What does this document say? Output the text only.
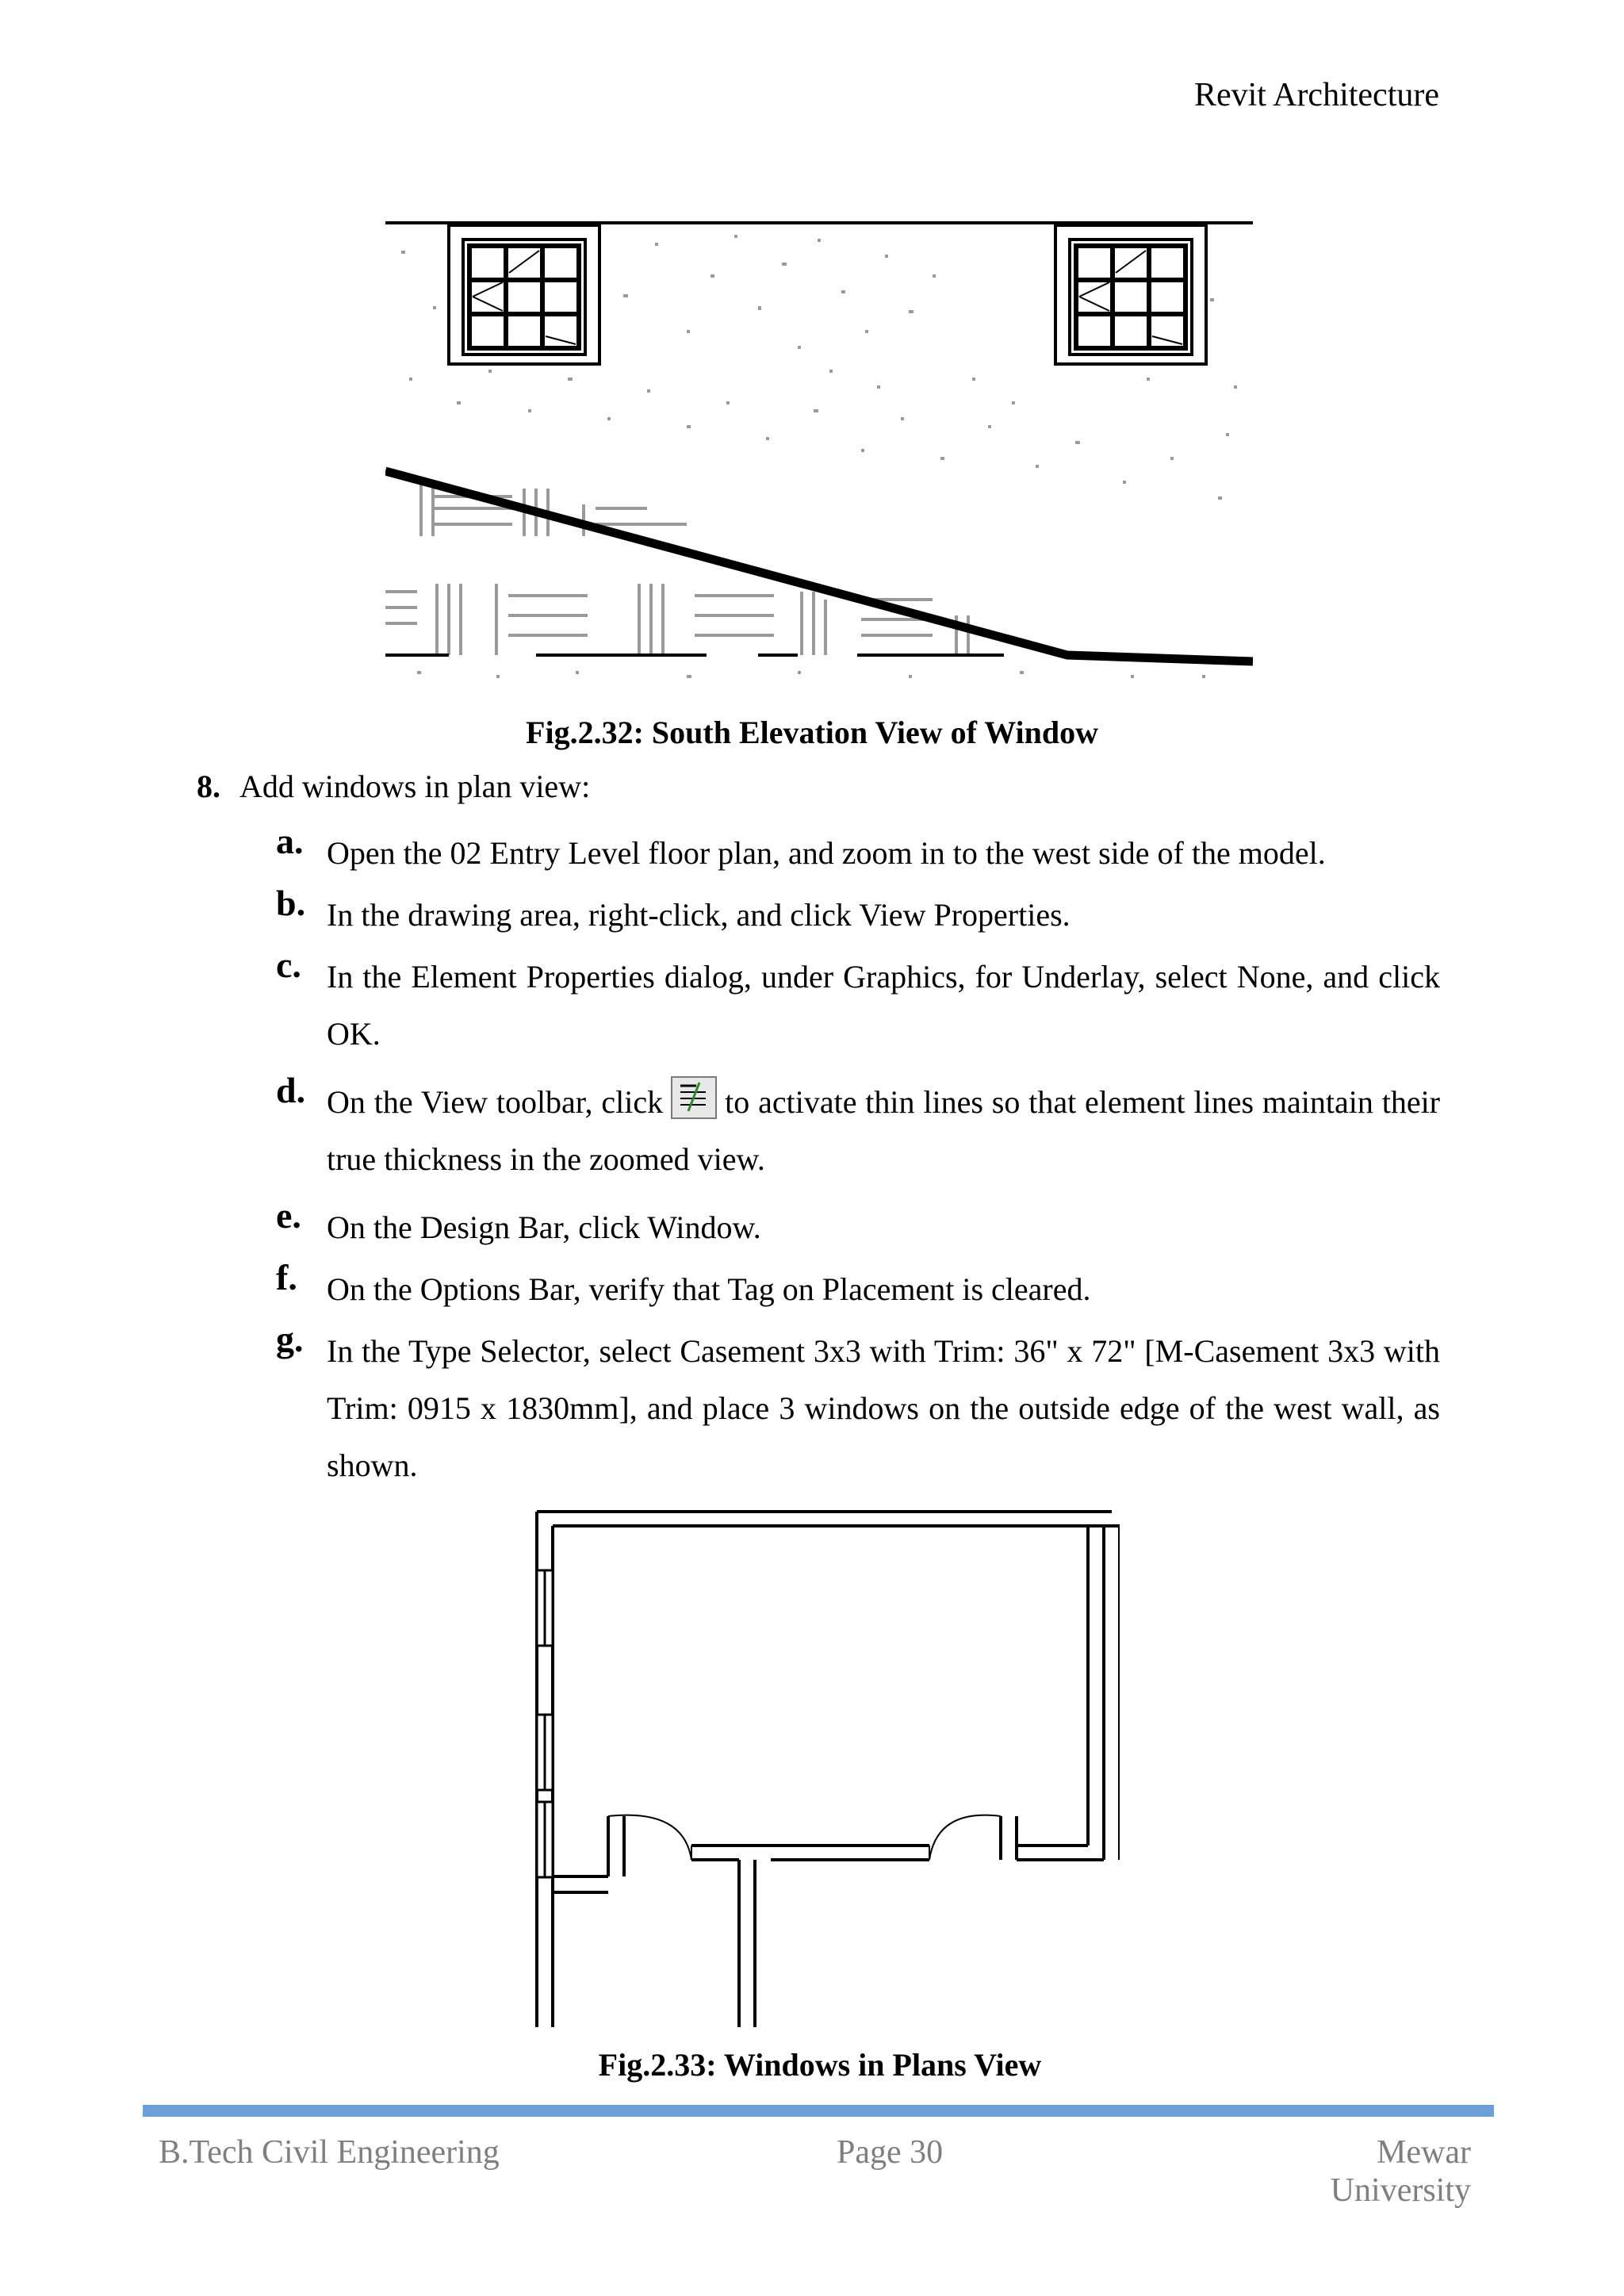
Revit Architecture
Fig.2.32: South Elevation View of Window
8. Add windows in plan view:
a. Open the 02 Entry Level floor plan, and zoom in to the west side of the model.
b. In the drawing area, right-click, and click View Properties.
c. In the Element Properties dialog, under Graphics, for Underlay, select None, and click OK.
d. On the View toolbar, click to activate thin lines so that element lines maintain their true thickness in the zoomed view.
e. On the Design Bar, click Window.
f. On the Options Bar, verify that Tag on Placement is cleared.
g. In the Type Selector, select Casement 3x3 with Trim: 36" x 72" [M-Casement 3x3 with Trim: 0915 x 1830mm], and place 3 windows on the outside edge of the west wall, as shown.
Fig.2.33: Windows in Plans View
B.Tech Civil Engineering	Page 30	Mewar University
